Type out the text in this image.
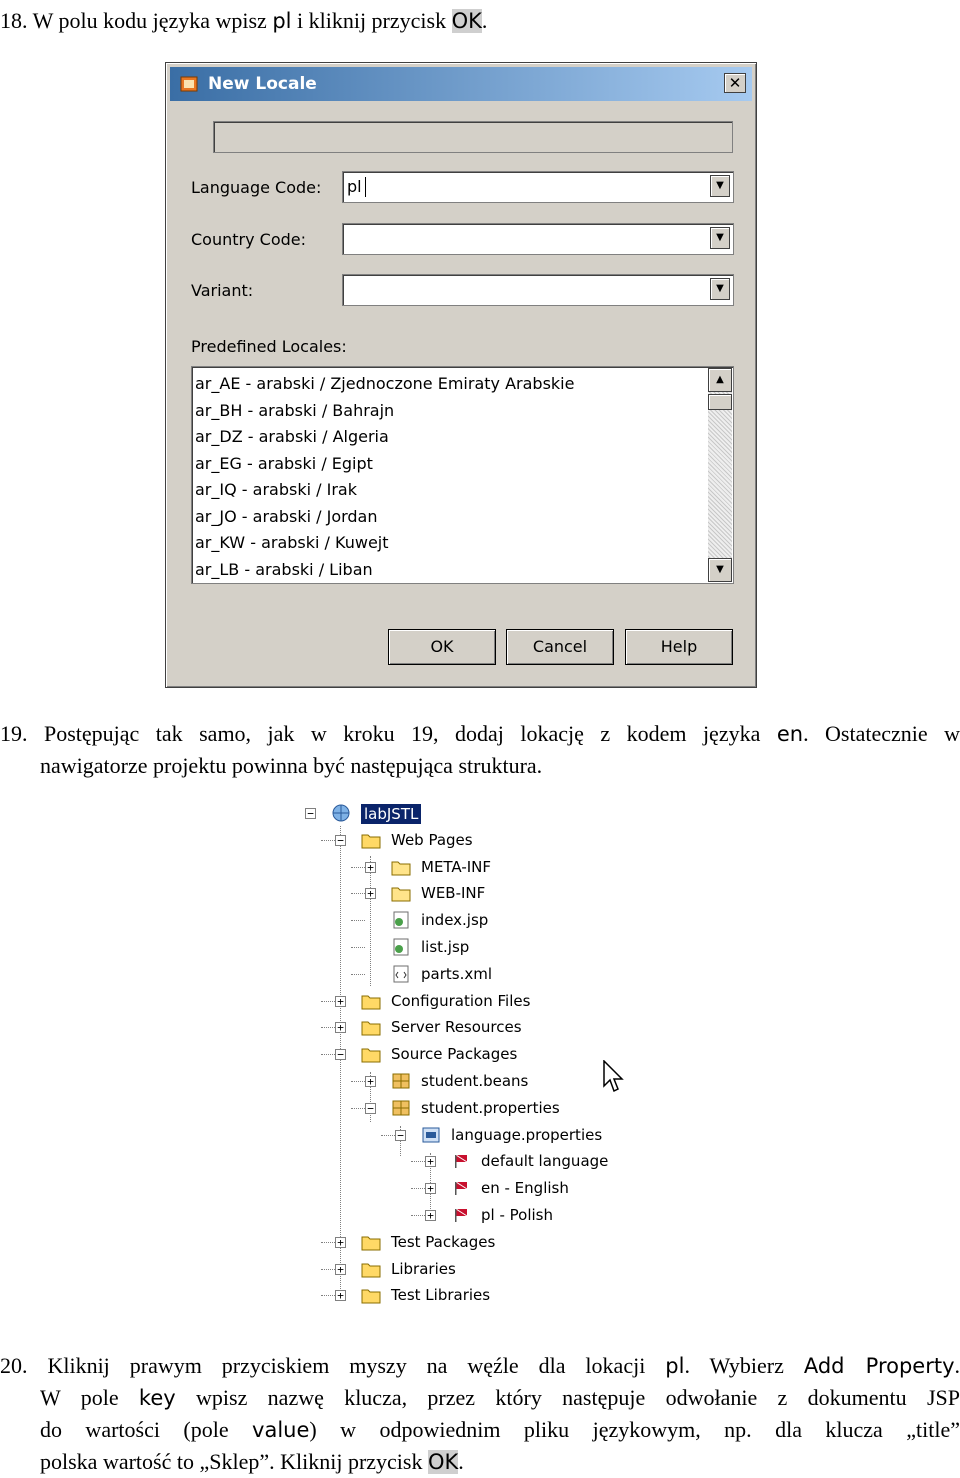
18. W polu kodu języka wpisz pl i kliknij przycisk OK.
New Locale	✕
Language Code: pl	▼
Country Code:	▼
Variant:	▼
Predefined Locales:
ar_AE - arabski / Zjednoczone Emiraty Arabskie
ar_BH - arabski / Bahrajn
ar_DZ - arabski / Algeria
ar_EG - arabski / Egipt
ar_IQ - arabski / Irak
ar_JO - arabski / Jordan
ar_KW - arabski / Kuwejt
ar_LB - arabski / Liban
▲
▼
OK	Cancel	Help
19. Postępując tak samo, jak w kroku 19, dodaj lokację z kodem języka en. Ostatecznie w
nawigatorze projektu powinna być następująca struktura.
−	labJSTL
−	Web Pages
+	META-INF
+	WEB-INF
index.jsp
list.jsp
parts.xml
+	Configuration Files
+	Server Resources
−	Source Packages
+	student.beans
−	student.properties
−	language.properties
+	default language
+	en - English
+	pl - Polish
+	Test Packages
+	Libraries
+	Test Libraries
20. Kliknij prawym przyciskiem myszy na węźle dla lokacji pl. Wybierz Add Property.
W pole key wpisz nazwę klucza, przez który następuje odwołanie z dokumentu JSP
do wartości (pole value) w odpowiednim pliku językowym, np. dla klucza „title”
polska wartość to „Sklep”. Kliknij przycisk OK.
